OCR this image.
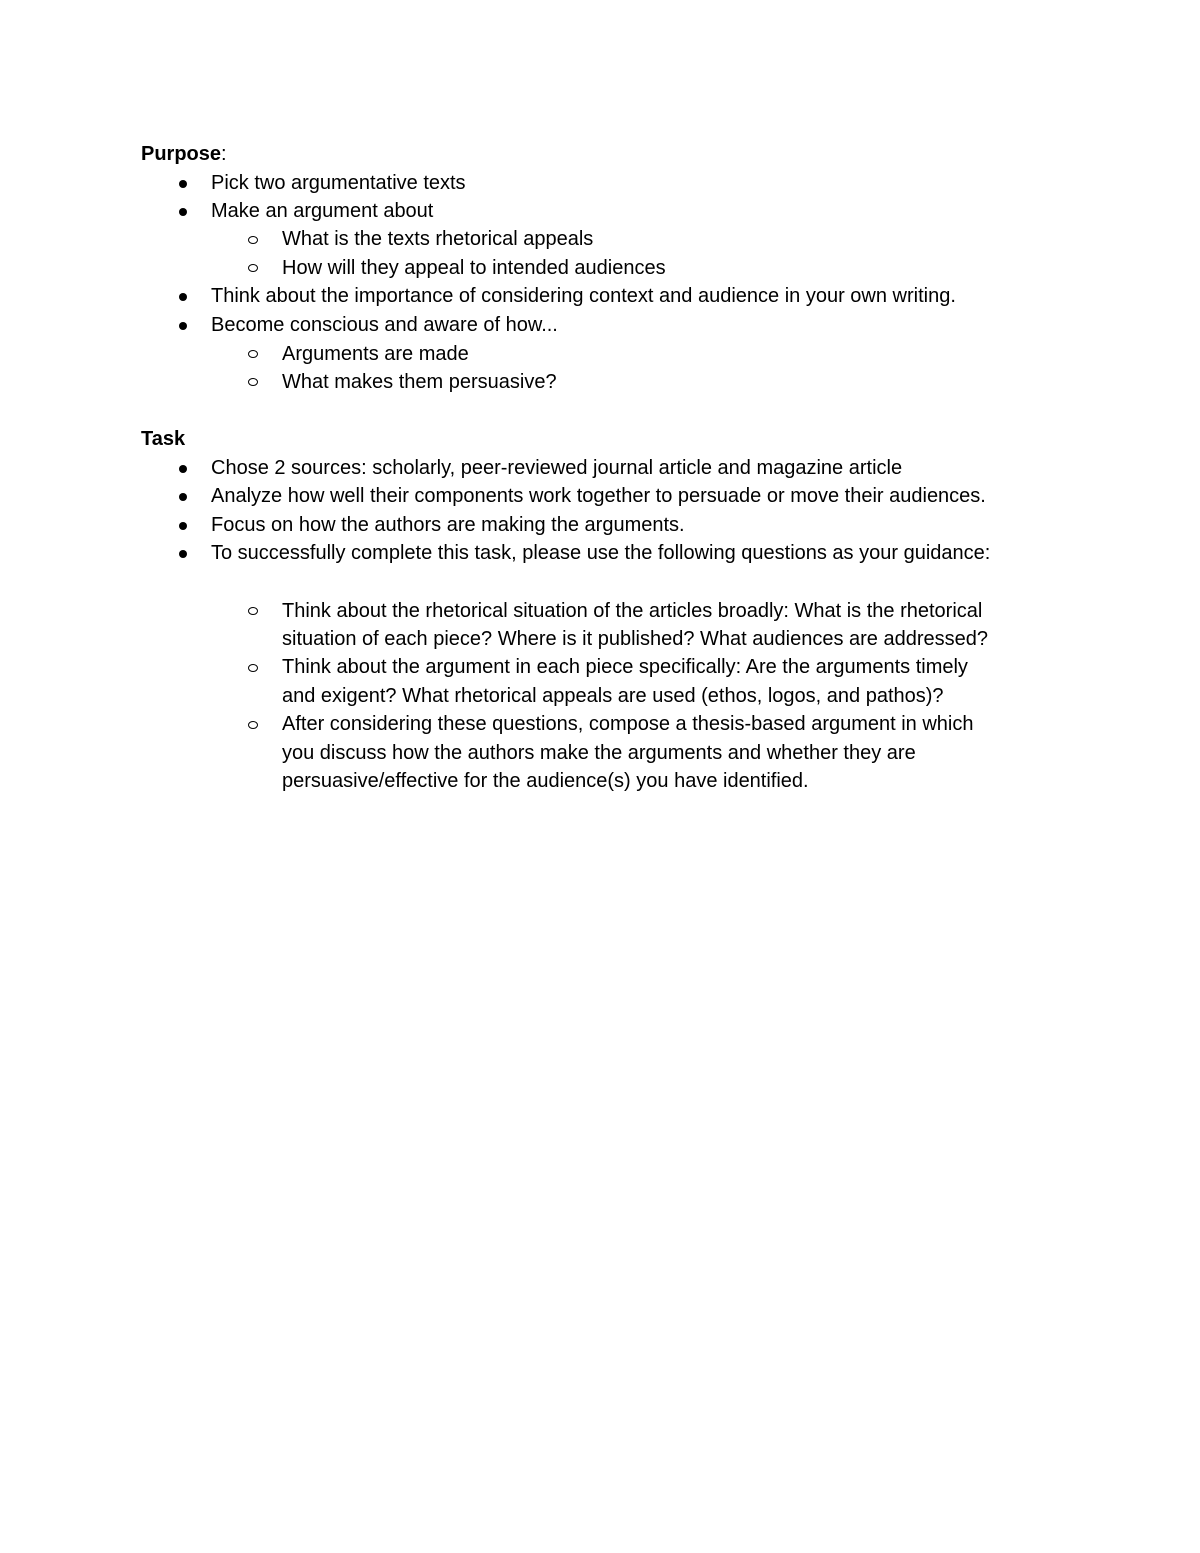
Purpose:
Pick two argumentative texts
Make an argument about
What is the texts rhetorical appeals
How will they appeal to intended audiences
Think about the importance of considering context and audience in your own writing.
Become conscious and aware of how...
Arguments are made
What makes them persuasive?
Task
Chose 2 sources: scholarly, peer-reviewed journal article and magazine article
Analyze how well their components work together to persuade or move their audiences.
Focus on how the authors are making the arguments.
To successfully complete this task, please use the following questions as your guidance:
Think about the rhetorical situation of the articles broadly: What is the rhetorical
situation of each piece? Where is it published? What audiences are addressed?
Think about the argument in each piece specifically: Are the arguments timely
and exigent? What rhetorical appeals are used (ethos, logos, and pathos)?
After considering these questions, compose a thesis-based argument in which
you discuss how the authors make the arguments and whether they are
persuasive/effective for the audience(s) you have identified.
